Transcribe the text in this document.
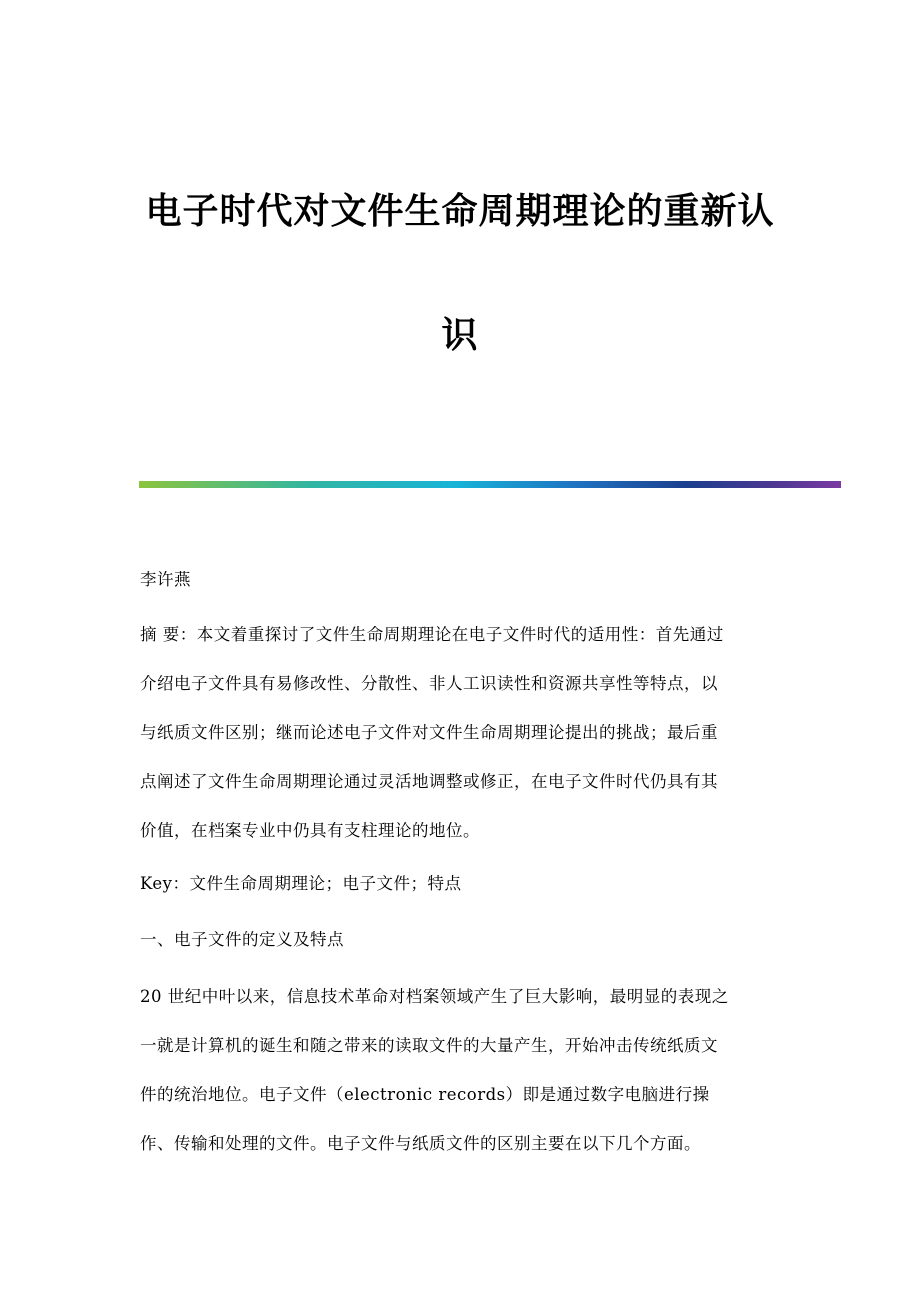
电子时代对文件生命周期理论的重新认
识
李许燕
摘 要：本文着重探讨了文件生命周期理论在电子文件时代的适用性：首先通过
介绍电子文件具有易修改性、分散性、非人工识读性和资源共享性等特点，以
与纸质文件区别；继而论述电子文件对文件生命周期理论提出的挑战；最后重
点阐述了文件生命周期理论通过灵活地调整或修正，在电子文件时代仍具有其
价值，在档案专业中仍具有支柱理论的地位。
Key：文件生命周期理论；电子文件；特点
一、电子文件的定义及特点
20 世纪中叶以来，信息技术革命对档案领域产生了巨大影响，最明显的表现之
一就是计算机的诞生和随之带来的读取文件的大量产生，开始冲击传统纸质文
件的统治地位。电子文件（electronic records）即是通过数字电脑进行操
作、传输和处理的文件。电子文件与纸质文件的区别主要在以下几个方面。
